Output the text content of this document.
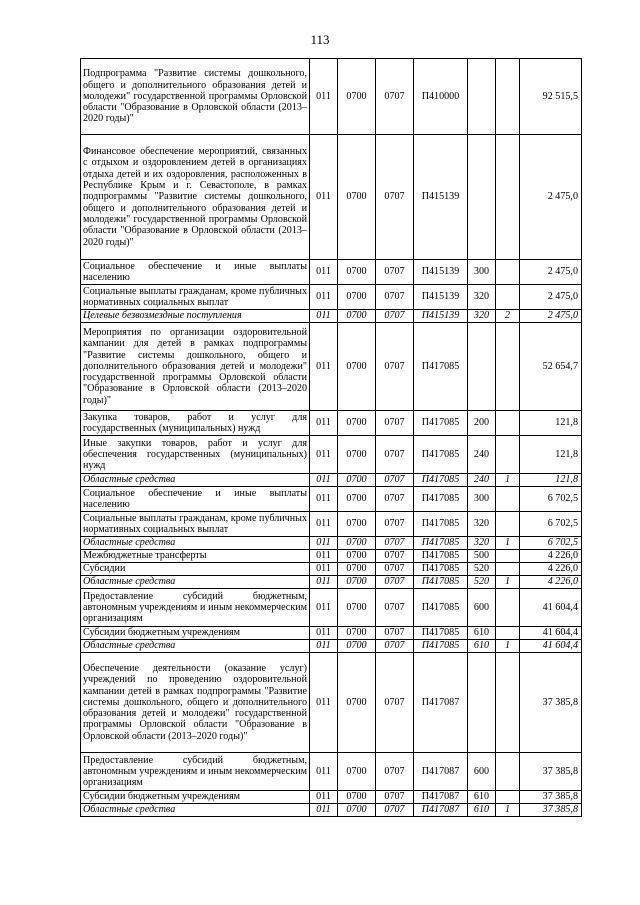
113
Подпрограмма "Развитие системы дошкольного, общего и дополнительного образования детей и молодежи" государственной программы Орловской области "Образование в Орловской области (2013–2020 годы)"	011	0700	0707	П410000			92 515,5
Финансовое обеспечение мероприятий, связанных с отдыхом и оздоровлением детей в организациях отдыха детей и их оздоровления, расположенных в Республике Крым и г. Севастополе, в рамках подпрограммы "Развитие системы дошкольного, общего и дополнительного образования детей и молодежи" государственной программы Орловской области "Образование в Орловской области (2013–2020 годы)"	011	0700	0707	П415139			2 475,0
Социальное обеспечение и иные выплаты населению	011	0700	0707	П415139	300		2 475,0
Социальные выплаты гражданам, кроме публичных нормативных социальных выплат	011	0700	0707	П415139	320		2 475,0
Целевые безвозмездные поступления	011	0700	0707	П415139	320	2	2 475,0
Мероприятия по организации оздоровительной кампании для детей в рамках подпрограммы "Развитие системы дошкольного, общего и дополнительного образования детей и молодежи" государственной программы Орловской области "Образование в Орловской области (2013–2020 годы)"	011	0700	0707	П417085			52 654,7
Закупка товаров, работ и услуг для государственных (муниципальных) нужд	011	0700	0707	П417085	200		121,8
Иные закупки товаров, работ и услуг для обеспечения государственных (муниципальных) нужд	011	0700	0707	П417085	240		121,8
Областные средства	011	0700	0707	П417085	240	1	121,8
Социальное обеспечение и иные выплаты населению	011	0700	0707	П417085	300		6 702,5
Социальные выплаты гражданам, кроме публичных нормативных социальных выплат	011	0700	0707	П417085	320		6 702,5
Областные средства	011	0700	0707	П417085	320	1	6 702,5
Межбюджетные трансферты	011	0700	0707	П417085	500		4 226,0
Субсидии	011	0700	0707	П417085	520		4 226,0
Областные средства	011	0700	0707	П417085	520	1	4 226,0
Предоставление субсидий бюджетным, автономным учреждениям и иным некоммерческим организациям	011	0700	0707	П417085	600		41 604,4
Субсидии бюджетным учреждениям	011	0700	0707	П417085	610		41 604,4
Областные средства	011	0700	0707	П417085	610	1	41 604,4
Обеспечение деятельности (оказание услуг) учреждений по проведению оздоровительной кампании детей в рамках подпрограммы "Развитие системы дошкольного, общего и дополнительного образования детей и молодежи" государственной программы Орловской области "Образование в Орловской области (2013–2020 годы)"	011	0700	0707	П417087			37 385,8
Предоставление субсидий бюджетным, автономным учреждениям и иным некоммерческим организациям	011	0700	0707	П417087	600		37 385,8
Субсидии бюджетным учреждениям	011	0700	0707	П417087	610		37 385,8
Областные средства	011	0700	0707	П417087	610	1	37 385,8
